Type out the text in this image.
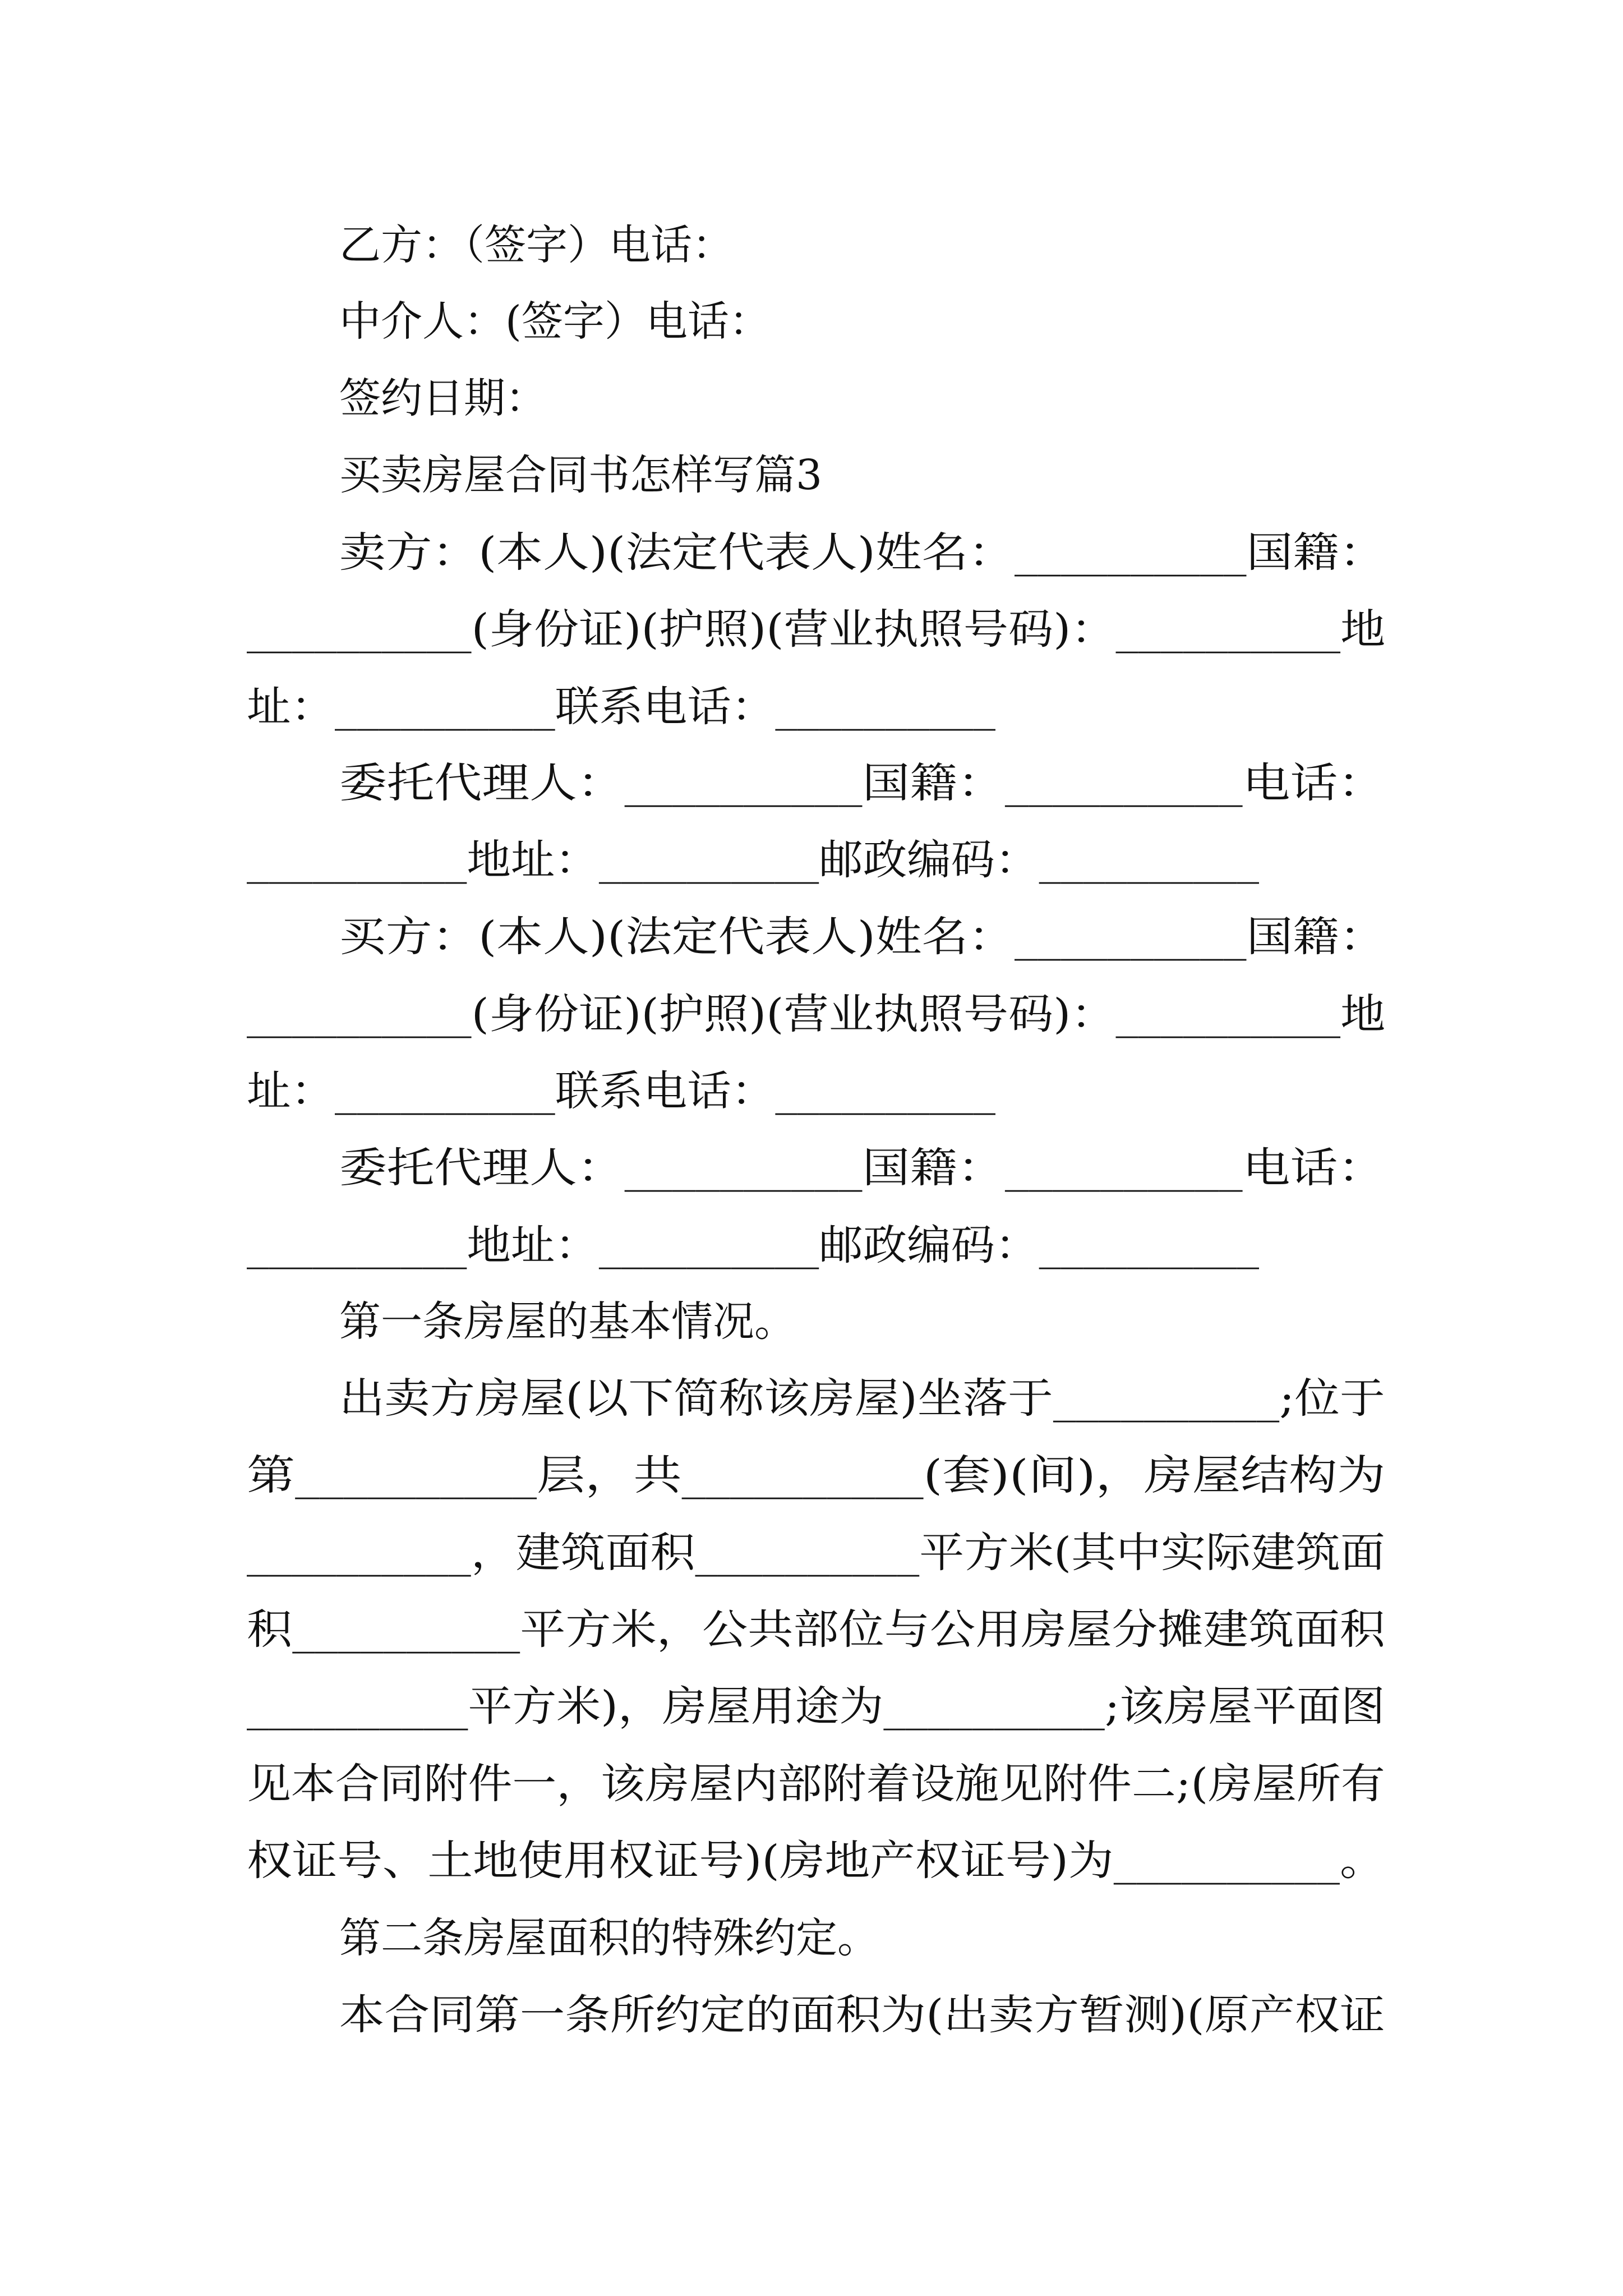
乙方：（签字）电话：
中介人：(签字）电话：
签约日期：
买卖房屋合同书怎样写篇3
卖方：(本人)(法定代表人)姓名：__________国籍：
__________(身份证)(护照)(营业执照号码)：__________地
址：__________联系电话：__________
委托代理人：__________国籍：__________电话：
__________地址：__________邮政编码：__________
买方：(本人)(法定代表人)姓名：__________国籍：
__________(身份证)(护照)(营业执照号码)：__________地
址：__________联系电话：__________
委托代理人：__________国籍：__________电话：
__________地址：__________邮政编码：__________
第一条房屋的基本情况。
出卖方房屋(以下简称该房屋)坐落于__________;位于
第__________层，共__________(套)(间)，房屋结构为
__________，建筑面积__________平方米(其中实际建筑面
积__________平方米，公共部位与公用房屋分摊建筑面积
__________平方米)，房屋用途为__________;该房屋平面图
见本合同附件一，该房屋内部附着设施见附件二;(房屋所有
权证号、土地使用权证号)(房地产权证号)为__________。
第二条房屋面积的特殊约定。
本合同第一条所约定的面积为(出卖方暂测)(原产权证
